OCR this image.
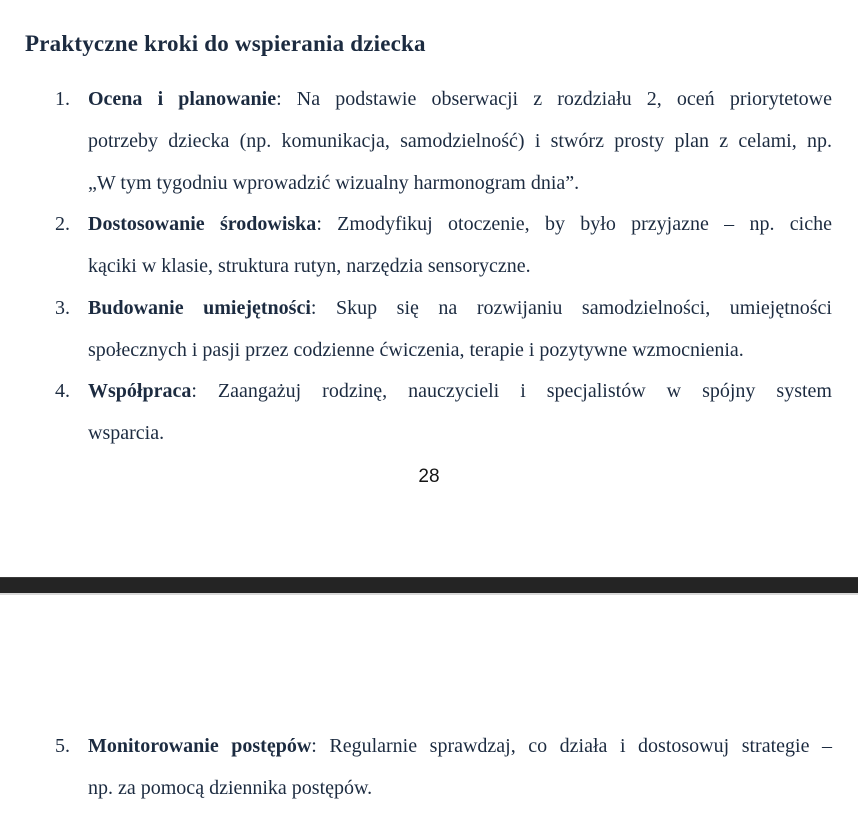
Praktyczne kroki do wspierania dziecka
1. Ocena i planowanie: Na podstawie obserwacji z rozdziału 2, oceń priorytetowe
potrzeby dziecka (np. komunikacja, samodzielność) i stwórz prosty plan z celami, np.
„W tym tygodniu wprowadzić wizualny harmonogram dnia”.
2. Dostosowanie środowiska: Zmodyfikuj otoczenie, by było przyjazne – np. ciche
kąciki w klasie, struktura rutyn, narzędzia sensoryczne.
3. Budowanie umiejętności: Skup się na rozwijaniu samodzielności, umiejętności
społecznych i pasji przez codzienne ćwiczenia, terapie i pozytywne wzmocnienia.
4. Współpraca: Zaangażuj rodzinę, nauczycieli i specjalistów w spójny system
wsparcia.
28
5. Monitorowanie postępów: Regularnie sprawdzaj, co działa i dostosowuj strategie –
np. za pomocą dziennika postępów.
